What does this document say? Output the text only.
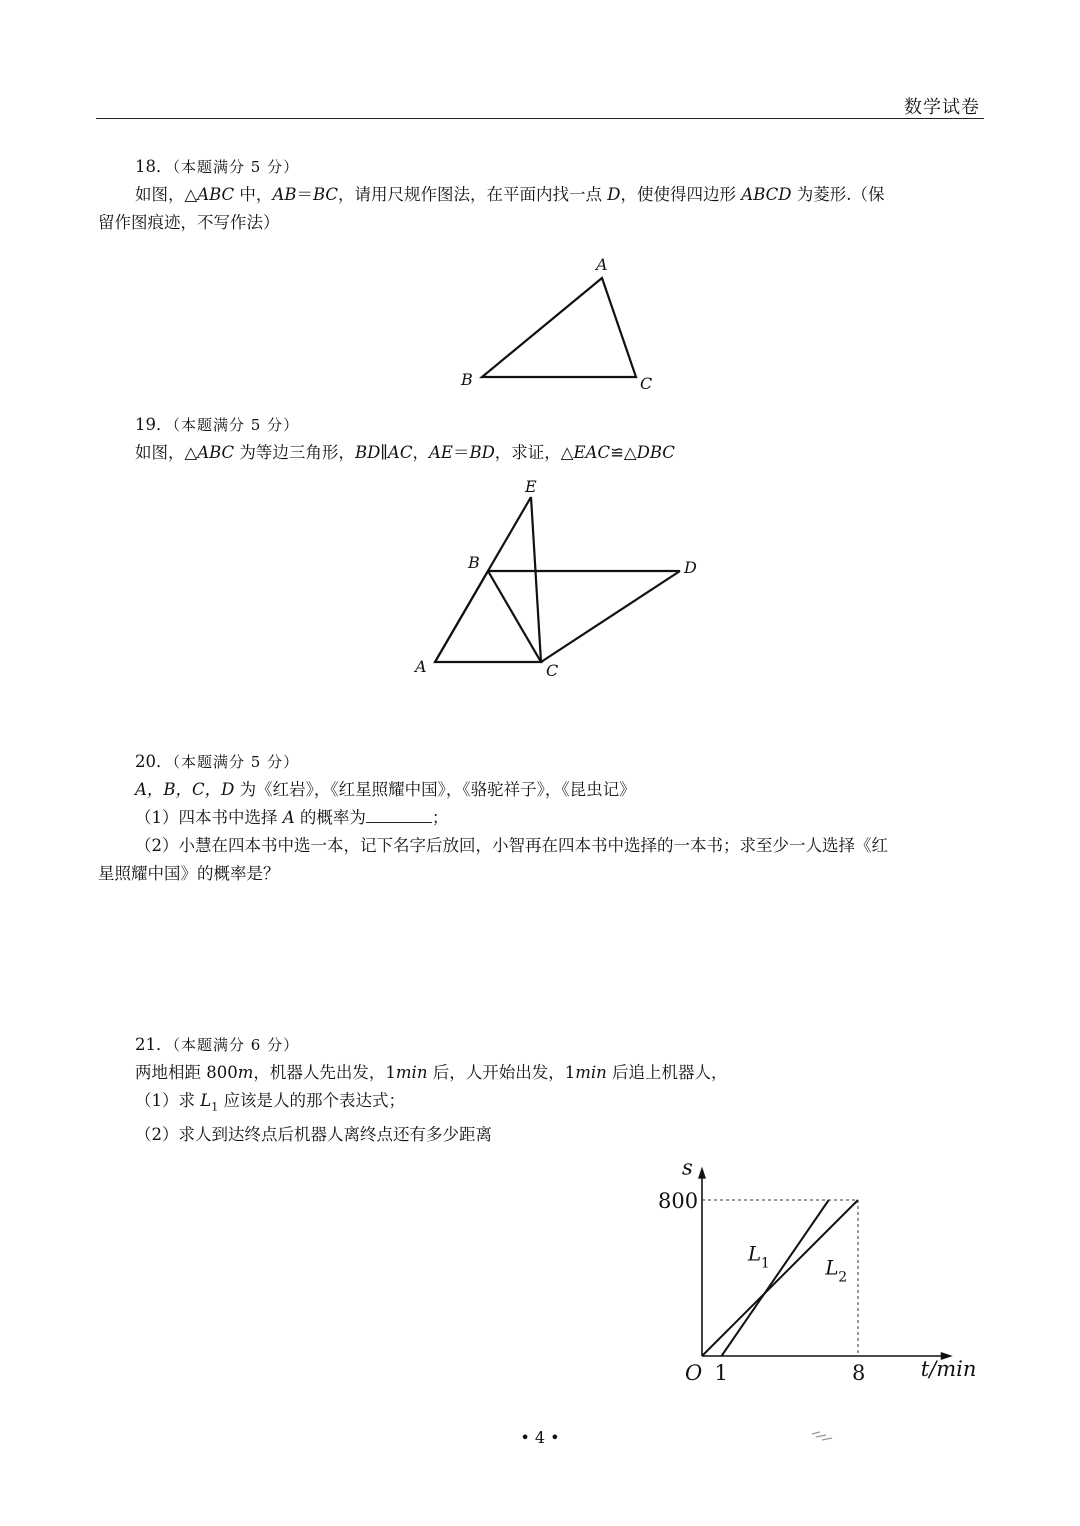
数学试卷

18．（本题满分 5 分）

如图，△ABC 中，AB＝BC，请用尺规作图法，在平面内找一点 D，使使得四边形 ABCD 为菱形.（保

留作图痕迹，不写作法）

A
B	C

19．（本题满分 5 分）

如图，△ABC 为等边三角形，BD∥AC，AE＝BD，求证，△EAC≌△DBC

E
B	D
A	C

20．（本题满分 5 分）

A，B，C，D 为《红岩》，《红星照耀中国》，《骆驼祥子》，《昆虫记》

（1）四本书中选择 A 的概率为	；

（2）小慧在四本书中选一本，记下名字后放回，小智再在四本书中选择的一本书；求至少一人选择《红

星照耀中国》的概率是？

21．（本题满分 6 分）

两地相距 800m，机器人先出发，1min 后，人开始出发，1min 后追上机器人，

（1）求 $L_1$ 应该是人的那个表达式；

（2）求人到达终点后机器人离终点还有多少距离

L 1	L 2
800
1	8
O
s
t/min
• 4 •
